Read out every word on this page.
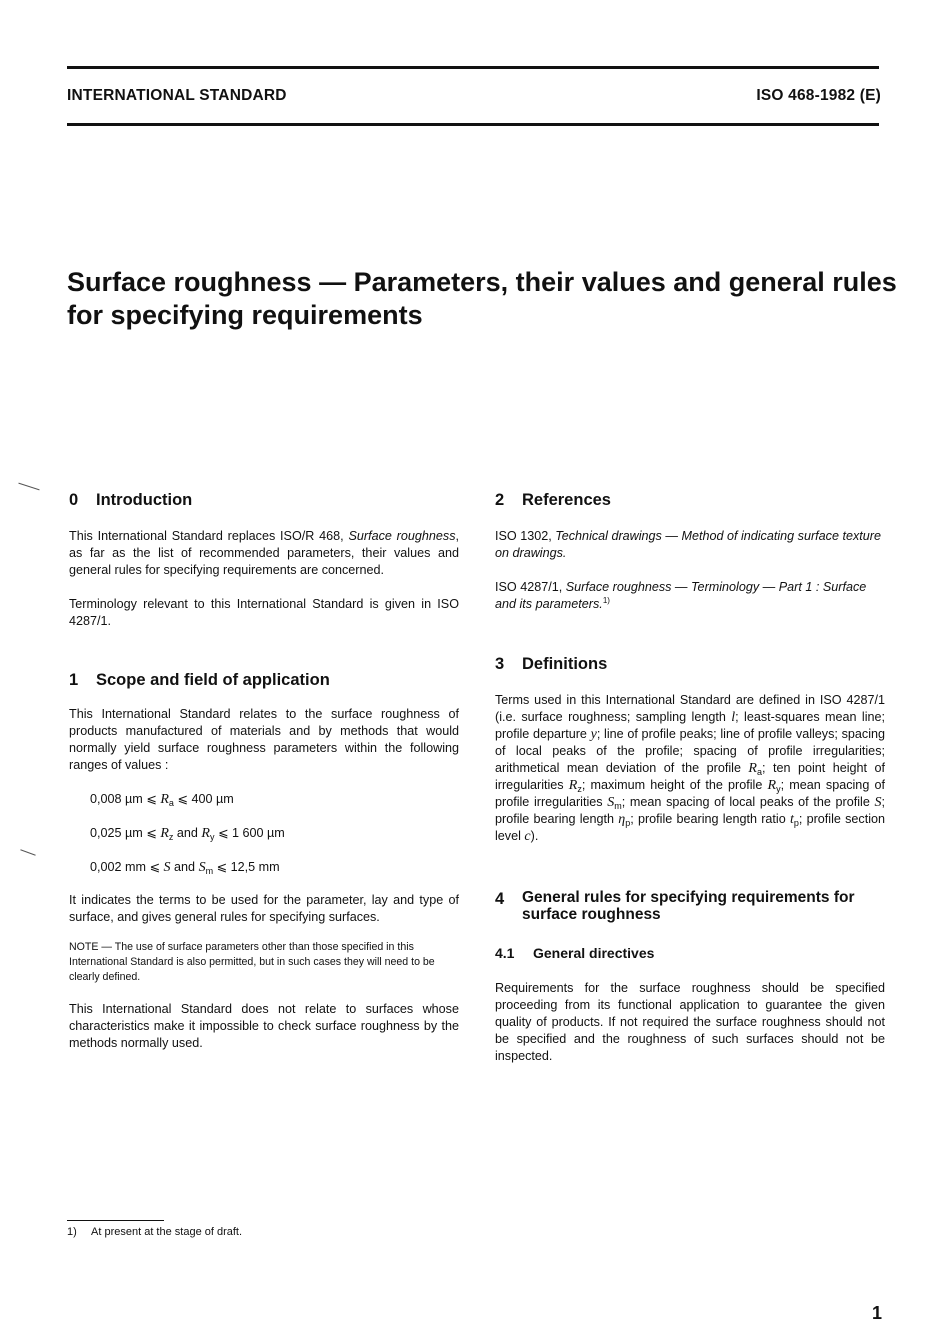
INTERNATIONAL STANDARD	ISO 468-1982 (E)
Surface roughness — Parameters, their values and general rules for specifying requirements
0 Introduction

This International Standard replaces ISO/R 468, Surface roughness, as far as the list of recommended parameters, their values and general rules for specifying requirements are concerned.

Terminology relevant to this International Standard is given in ISO 4287/1.

1 Scope and field of application

This International Standard relates to the surface roughness of products manufactured of materials and by methods that would normally yield surface roughness parameters within the following ranges of values :

0,008 µm ⩽ $R_a$ ⩽ 400 µm
0,025 µm ⩽ $R_z$ and $R_y$ ⩽ 1 600 µm
0,002 mm ⩽ S and $S_m$ ⩽ 12,5 mm

It indicates the terms to be used for the parameter, lay and type of surface, and gives general rules for specifying surfaces.

NOTE — The use of surface parameters other than those specified in this International Standard is also permitted, but in such cases they will need to be clearly defined.

This International Standard does not relate to surfaces whose characteristics make it impossible to check surface roughness by the methods normally used.

2 References

ISO 1302, Technical drawings — Method of indicating surface texture on drawings.

ISO 4287/1, Surface roughness — Terminology — Part 1 : Surface and its parameters.$^{1)}$

3 Definitions

Terms used in this International Standard are defined in ISO 4287/1 (i.e. surface roughness; sampling length l; least-squares mean line; profile departure y; line of profile peaks; line of profile valleys; spacing of local peaks of the profile; spacing of profile irregularities; arithmetical mean deviation of the profile $R_a$; ten point height of irregularities $R_z$; maximum height of the profile $R_y$; mean spacing of profile irregularities $S_m$; mean spacing of local peaks of the profile S; profile bearing length $\eta_p$; profile bearing length ratio $t_p$; profile section level c).

4	General rules for specifying requirements for surface roughness
4.1 General directives

Requirements for the surface roughness should be specified proceeding from its functional application to guarantee the given quality of products. If not required the surface roughness should not be specified and the roughness of such surfaces should not be inspected.

1) At present at the stage of draft.
1
